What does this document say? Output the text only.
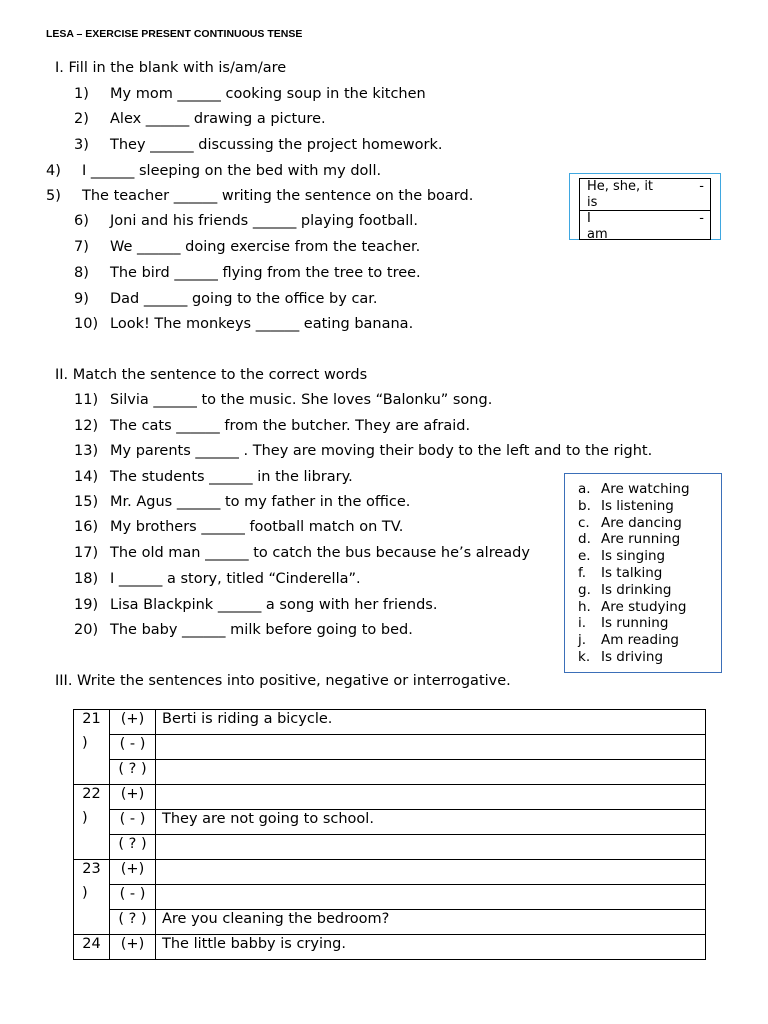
LESA – EXERCISE PRESENT CONTINUOUS TENSE
I. Fill in the blank with is/am/are
1) My mom ______ cooking soup in the kitchen
2) Alex ______ drawing a picture.
3) They ______ discussing the project homework.
4) I ______ sleeping on the bed with my doll.
5) The teacher ______ writing the sentence on the board.
6) Joni and his friends ______ playing football.
7) We ______ doing exercise from the teacher.
8) The bird ______ flying from the tree to tree.
9) Dad ______ going to the office by car.
10) Look! The monkeys ______ eating banana.
He, she, it	-
is
I	-
am
II. Match the sentence to the correct words
11) Silvia ______ to the music. She loves “Balonku” song.
12) The cats ______ from the butcher. They are afraid.
13) My parents ______ . They are moving their body to the left and to the right.
14) The students ______ in the library.
15) Mr. Agus ______ to my father in the office.
16) My brothers ______ football match on TV.
17) The old man ______ to catch the bus because he’s already
18) I ______ a story, titled “Cinderella”.
19) Lisa Blackpink ______ a song with her friends.
20) The baby ______ milk before going to bed.
a. Are watching
b. Is listening
c. Are dancing
d. Are running
e. Is singing
f. Is talking
g. Is drinking
h. Are studying
i. Is running
j. Am reading
k. Is driving
III. Write the sentences into positive, negative or interrogative.
21
)	(+)	Berti is riding a bicycle.
	( - )	
	( ? )	

22
)	(+)	
	( - )	They are not going to school.
	( ? )	

23
)	(+)	
	( - )	
	( ? )	Are you cleaning the bedroom?

24	(+)	The little babby is crying.
